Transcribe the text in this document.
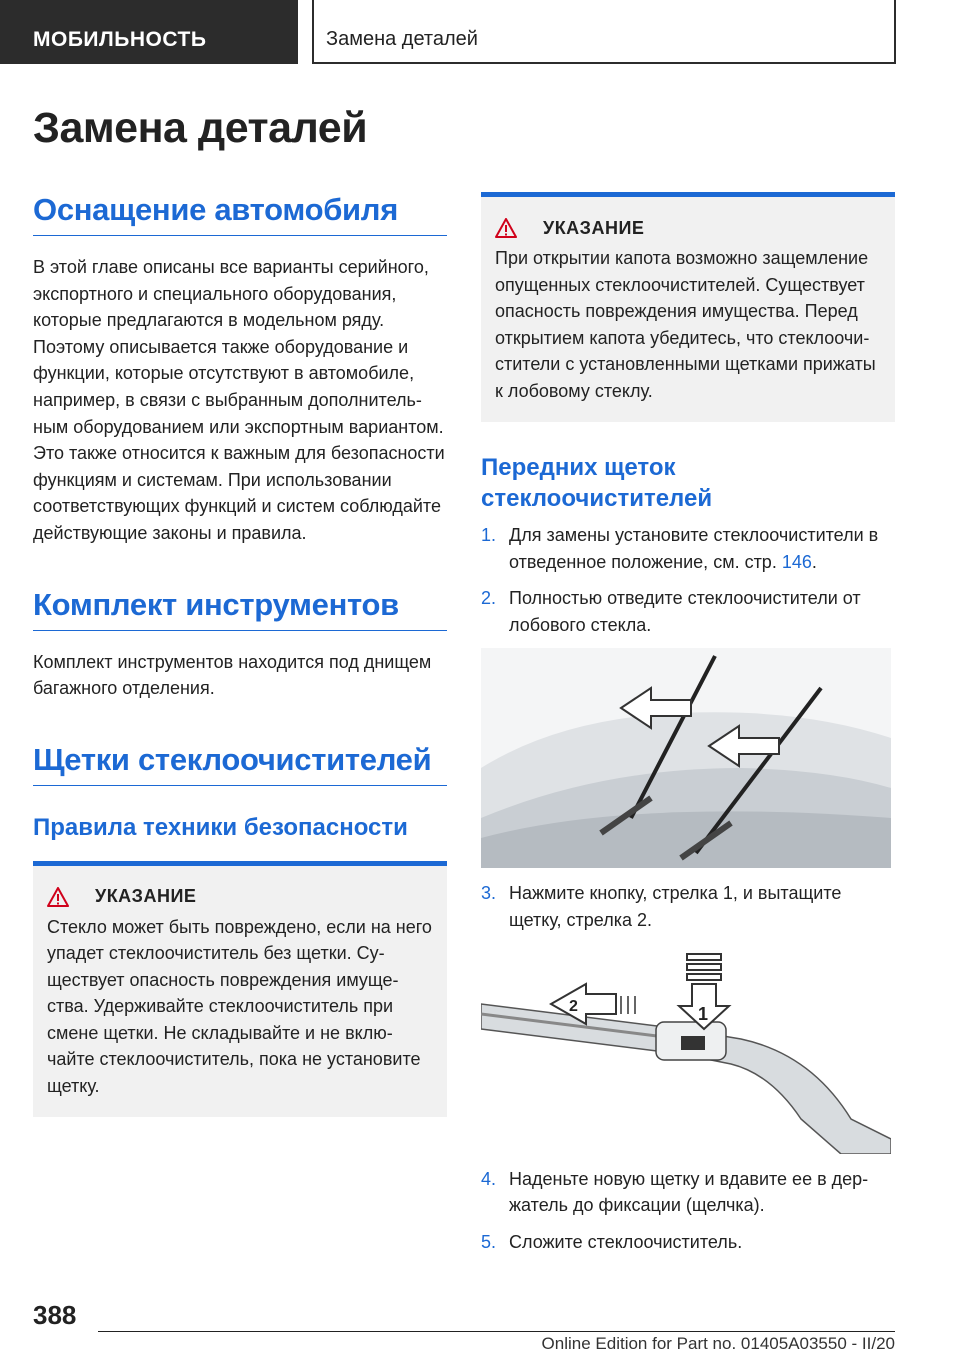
МОБИЛЬНОСТЬ	Замена деталей
Замена деталей
Оснащение автомобиля

В этой главе описаны все варианты серийного, экспортного и специального оборудования, которые предлагаются в модельном ряду. Поэтому описывается также оборудование и функции, которые отсутствуют в автомобиле, например, в связи с выбранным дополнительным оборудованием или экспортным вариантом. Это также относится к важным для безопасности функциям и системам. При использовании соответствующих функций и систем соблюдайте действующие законы и правила.

Комплект инструментов

Комплект инструментов находится под днищем багажного отделения.

Щетки стеклоочистителей
Правила техники безопасности
УКАЗАНИЕ

Стекло может быть повреждено, если на него упадет стеклоочиститель без щетки. Существует опасность повреждения имущества. Удерживайте стеклоочиститель при смене щетки. Не складывайте и не включайте стеклоочиститель, пока не установите щетку.

УКАЗАНИЕ

При открытии капота возможно защемление опущенных стеклоочистителей. Существует опасность повреждения имущества. Перед открытием капота убедитесь, что стеклоочистители с установленными щетками прижаты к лобовому стеклу.

Передних щеток стеклоочистителей
1. Для замены установите стеклоочистители в отведенное положение, см. стр. 146.
2. Полностью отведите стеклоочистители от лобового стекла.
3. Нажмите кнопку, стрелка 1, и вытащите щетку, стрелка 2.
1
2
4. Наденьте новую щетку и вдавите ее в держатель до фиксации (щелчка).
5. Сложите стеклоочиститель.
388
Online Edition for Part no. 01405A03550 - II/20
